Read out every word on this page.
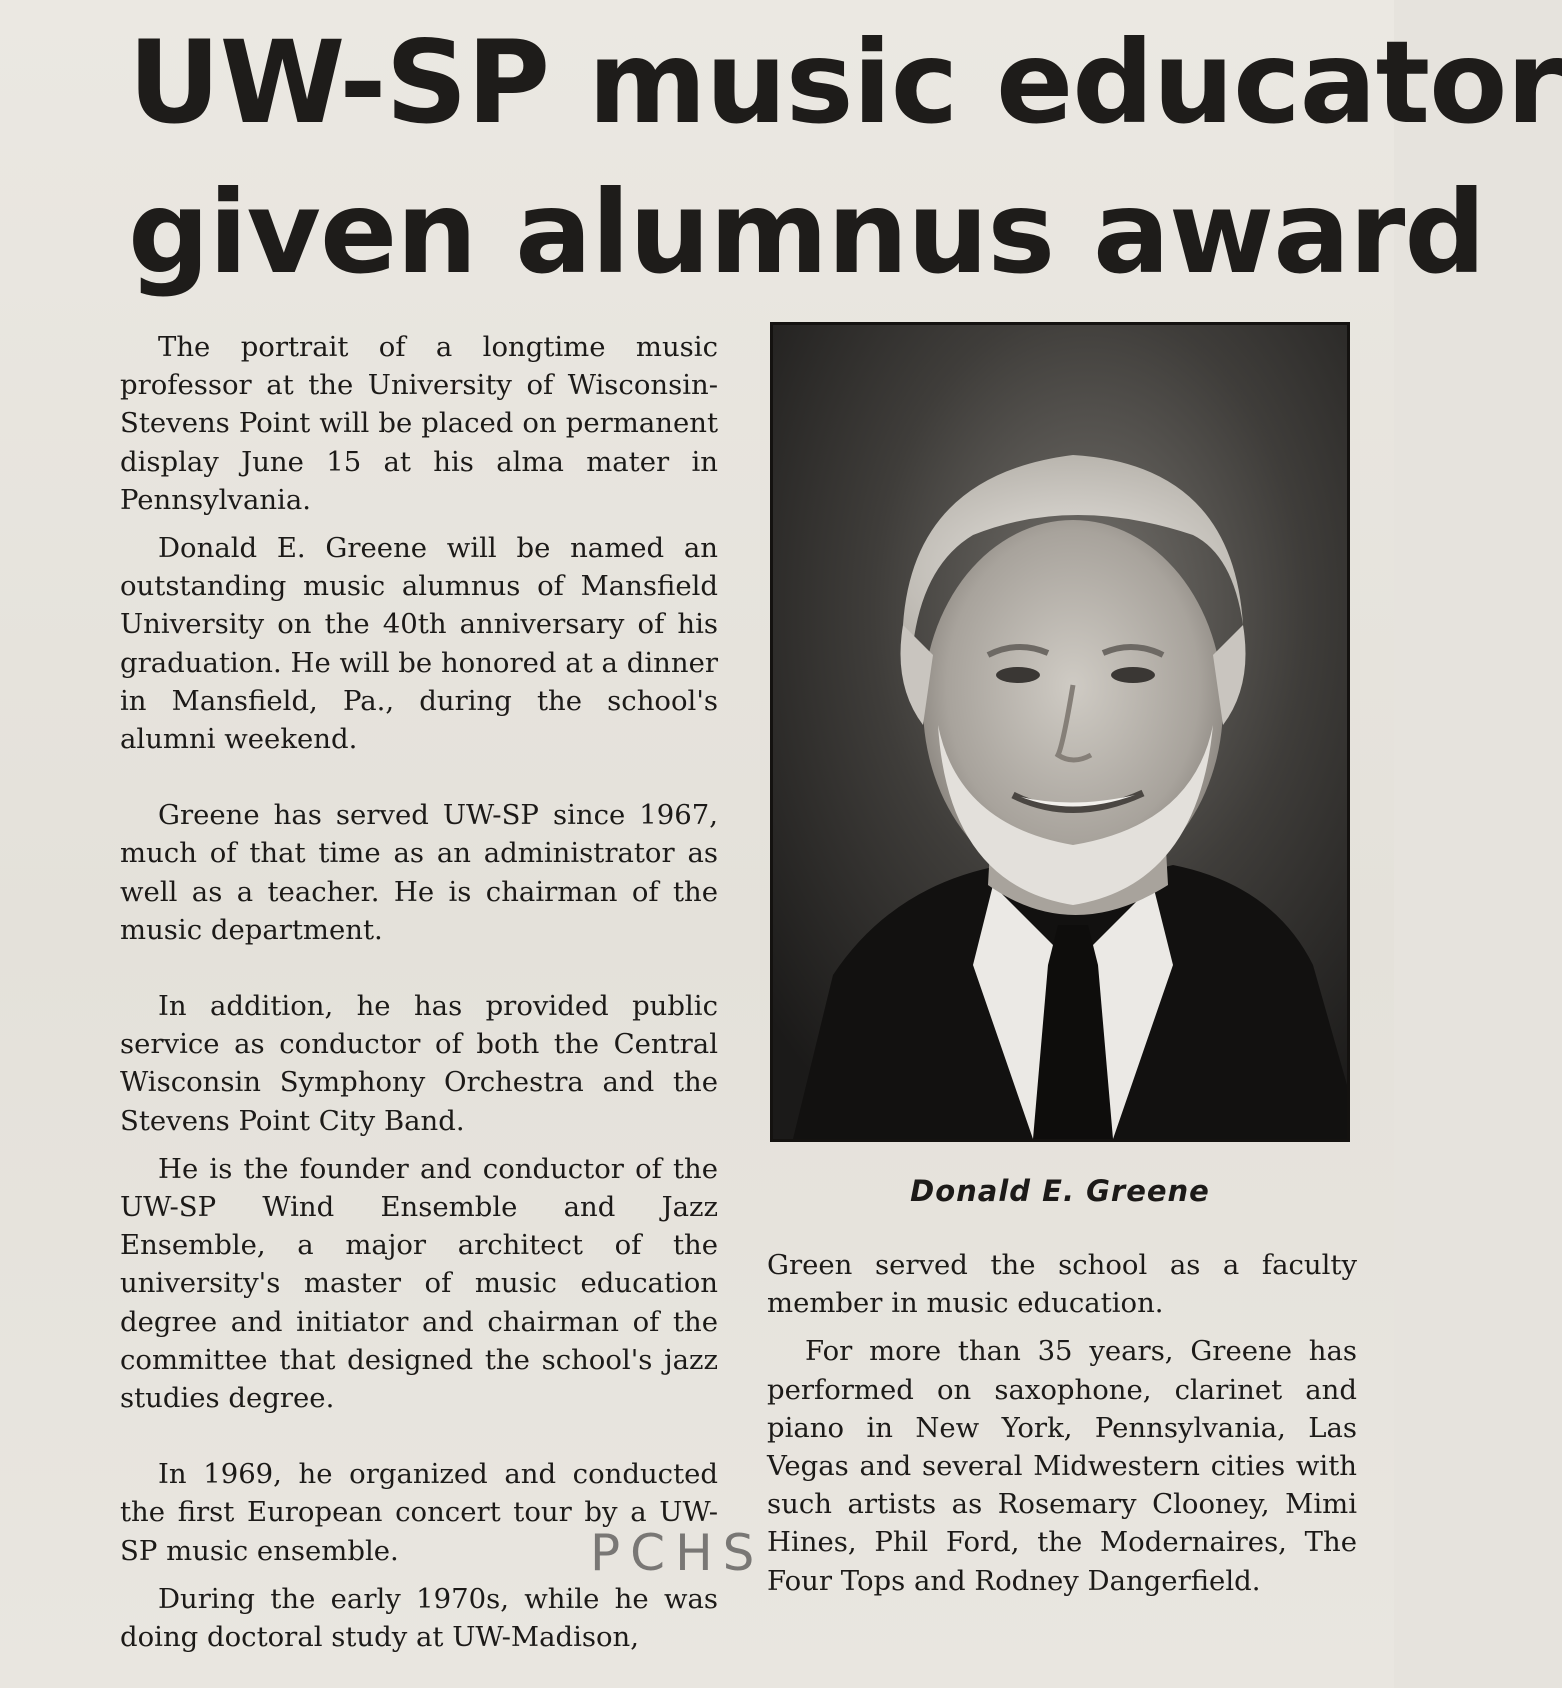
UW-SP music educator
given alumnus award

The portrait of a longtime music professor at the University of Wisconsin-Stevens Point will be placed on permanent display June 15 at his alma mater in Pennsylvania.

Donald E. Greene will be named an outstanding music alumnus of Mansfield University on the 40th anniversary of his graduation. He will be honored at a dinner in Mansfield, Pa., during the school's alumni weekend.

Greene has served UW-SP since 1967, much of that time as an administrator as well as a teacher. He is chairman of the music department.

In addition, he has provided public service as conductor of both the Central Wisconsin Symphony Orchestra and the Stevens Point City Band.

He is the founder and conductor of the UW-SP Wind Ensemble and Jazz Ensemble, a major architect of the university's master of music education degree and initiator and chairman of the committee that designed the school's jazz studies degree.

In 1969, he organized and conducted the first European concert tour by a UW-SP music ensemble.

During the early 1970s, while he was doing doctoral study at UW-Madison,

Donald E. Greene

Green served the school as a faculty member in music education.

For more than 35 years, Greene has performed on saxophone, clarinet and piano in New York, Pennsylvania, Las Vegas and several Midwestern cities with such artists as Rosemary Clooney, Mimi Hines, Phil Ford, the Modernaires, The Four Tops and Rodney Dangerfield.

PCHS
